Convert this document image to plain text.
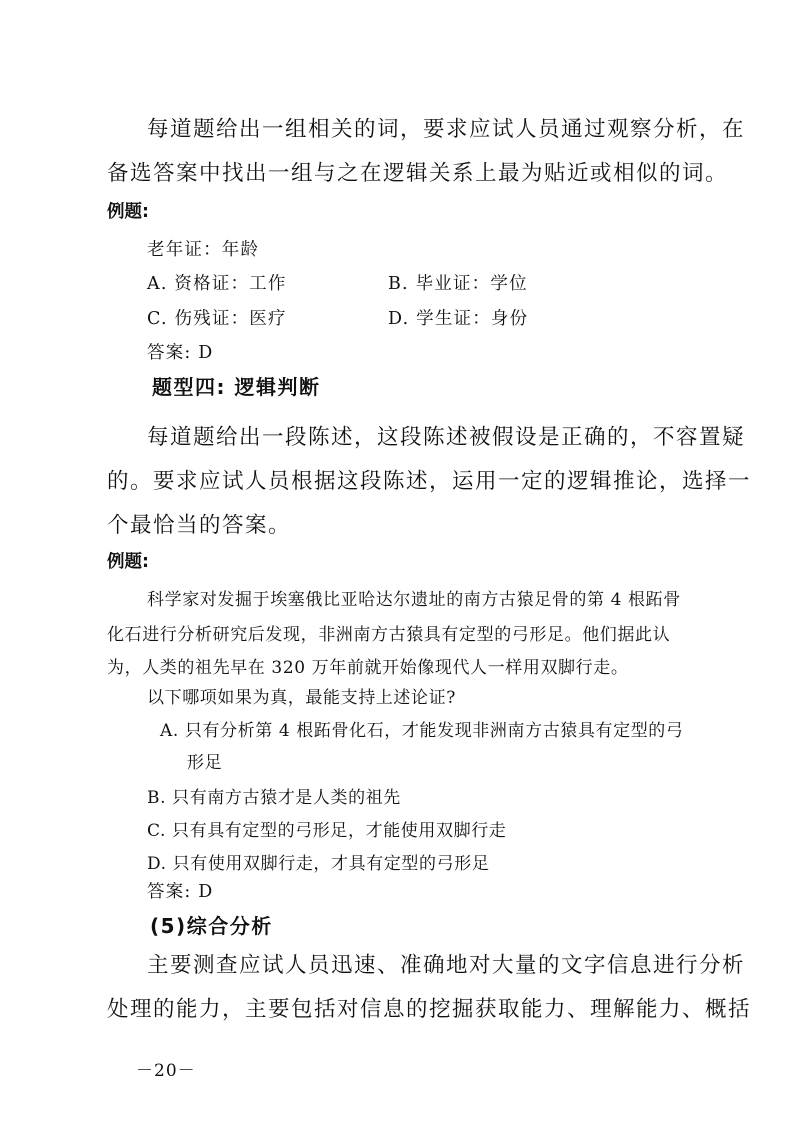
每道题给出一组相关的词，要求应试人员通过观察分析，在
备选答案中找出一组与之在逻辑关系上最为贴近或相似的词。
例题:
老年证：年龄
A. 资格证：工作	B. 毕业证：学位
C. 伤残证：医疗	D. 学生证：身份
答案: D
题型四: 逻辑判断
每道题给出一段陈述，这段陈述被假设是正确的，不容置疑
的。要求应试人员根据这段陈述，运用一定的逻辑推论，选择一
个最恰当的答案。
例题:
科学家对发掘于埃塞俄比亚哈达尔遗址的南方古猿足骨的第 4 根跖骨
化石进行分析研究后发现，非洲南方古猿具有定型的弓形足。他们据此认
为，人类的祖先早在 320 万年前就开始像现代人一样用双脚行走。
以下哪项如果为真，最能支持上述论证?
A. 只有分析第 4 根跖骨化石，才能发现非洲南方古猿具有定型的弓
形足
B. 只有南方古猿才是人类的祖先
C. 只有具有定型的弓形足，才能使用双脚行走
D. 只有使用双脚行走，才具有定型的弓形足
答案: D
(5)综合分析
主要测查应试人员迅速、准确地对大量的文字信息进行分析
处理的能力，主要包括对信息的挖掘获取能力、理解能力、概括
－20－
